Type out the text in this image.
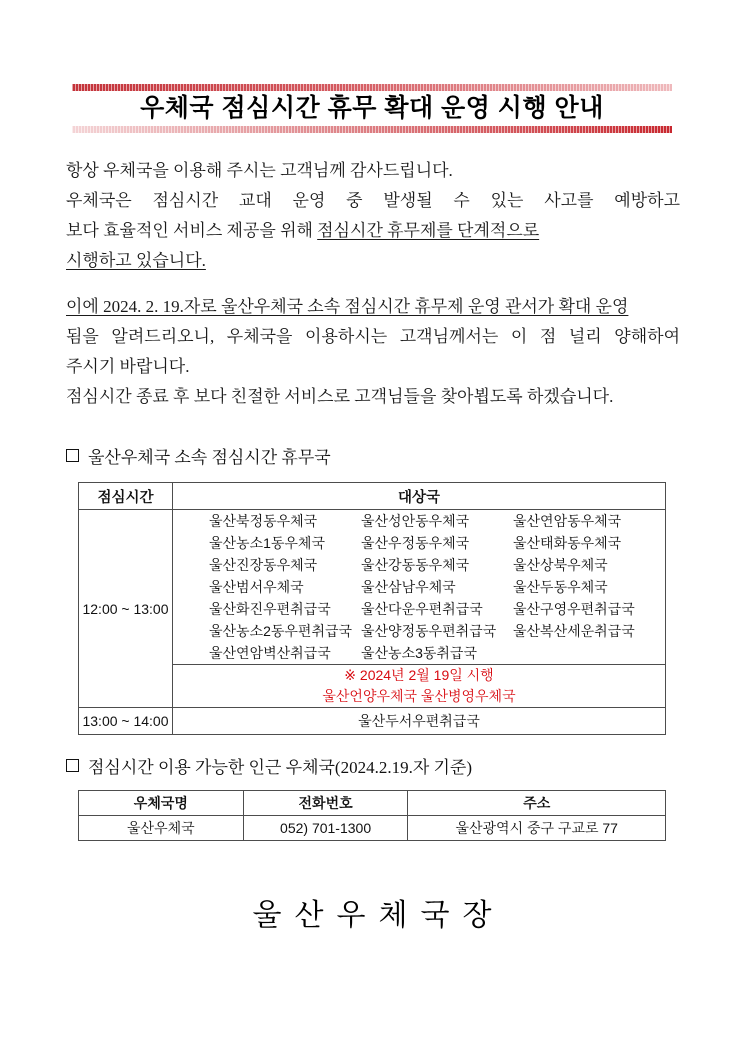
우체국 점심시간 휴무 확대 운영 시행 안내
항상 우체국을 이용해 주시는 고객님께 감사드립니다.
우체국은 점심시간 교대 운영 중 발생될 수 있는 사고를 예방하고
보다 효율적인 서비스 제공을 위해 점심시간 휴무제를 단계적으로
시행하고 있습니다.
이에 2024. 2. 19.자로 울산우체국 소속 점심시간 휴무제 운영 관서가 확대 운영
됨을 알려드리오니, 우체국을 이용하시는 고객님께서는 이 점 널리 양해하여
주시기 바랍니다.
점심시간 종료 후 보다 친절한 서비스로 고객님들을 찾아뵙도록 하겠습니다.
울산우체국 소속 점심시간 휴무국
점심시간	대상국
12:00 ~ 13:00	
울산북정동우체국	울산성안동우체국	울산연암동우체국
울산농소1동우체국	울산우정동우체국	울산태화동우체국
울산진장동우체국	울산강동동우체국	울산상북우체국
울산범서우체국	울산삼남우체국	울산두동우체국
울산화진우편취급국	울산다운우편취급국	울산구영우편취급국
울산농소2동우편취급국 울산양정동우편취급국	울산복산세운취급국
울산연암벽산취급국	울산농소3동취급국

	※ 2024년 2월 19일 시행
울산언양우체국 울산병영우체국

13:00 ~ 14:00	울산두서우편취급국
점심시간 이용 가능한 인근 우체국(2024.2.19.자 기준)
우체국명	전화번호	주소
울산우체국	052) 701-1300	울산광역시 중구 구교로 77
울산우체국장
